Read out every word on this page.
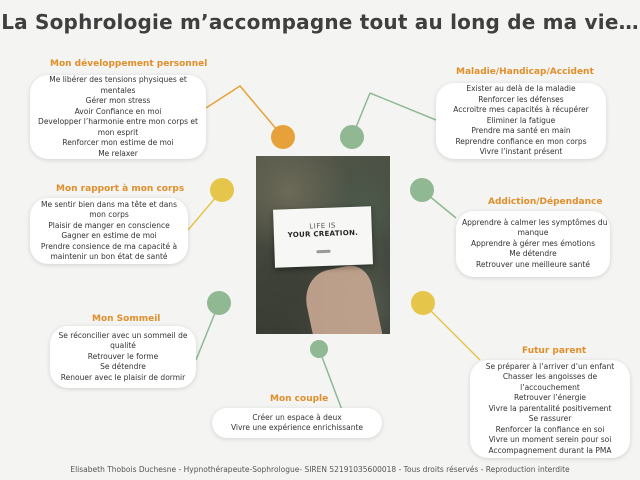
La Sophrologie m’accompagne tout au long de ma vie…
Mon développement personnel
Me libérer des tensions physiques et
mentales
Gérer mon stress
Avoir Confiance en moi
Developper l’harmonie entre mon corps et
mon esprit
Renforcer mon estime de moi
Me relaxer
Mon rapport à mon corps
Me sentir bien dans ma tête et dans
mon corps
Plaisir de manger en conscience
Gagner en estime de moi
Prendre consience de ma capacité à
maintenir un bon état de santé
Mon Sommeil
Se réconcilier avec un sommeil de
qualité
Retrouver le forme
Se détendre
Renouer avec le plaisir de dormir
Mon couple
Créer un espace à deux
Vivre une expérience enrichissante
Maladie/Handicap/Accident
Exister au delà de la maladie
Renforcer les défenses
Accroitre mes capacités à récupérer
Eliminer la fatigue
Prendre ma santé en main
Reprendre confiance en mon corps
Vivre l’instant présent
Addiction/Dépendance
Apprendre à calmer les symptômes du
manque
Apprendre à gérer mes émotions
Me détendre
Retrouver une meilleure santé
Futur parent
Se préparer à l’arriver d’un enfant
Chasser les angoisses de
l’accouchement
Retrouver l’énergie
Vivre la parentalité positivement
Se rassurer
Renforcer la confiance en soi
Vivre un moment serein pour soi
Accompagnement durant la PMA
LIFE IS
YOUR CREATION.
Elisabeth Thobois Duchesne - Hypnothérapeute-Sophrologue- SIREN 52191035600018 - Tous droits réservés - Reproduction interdite
